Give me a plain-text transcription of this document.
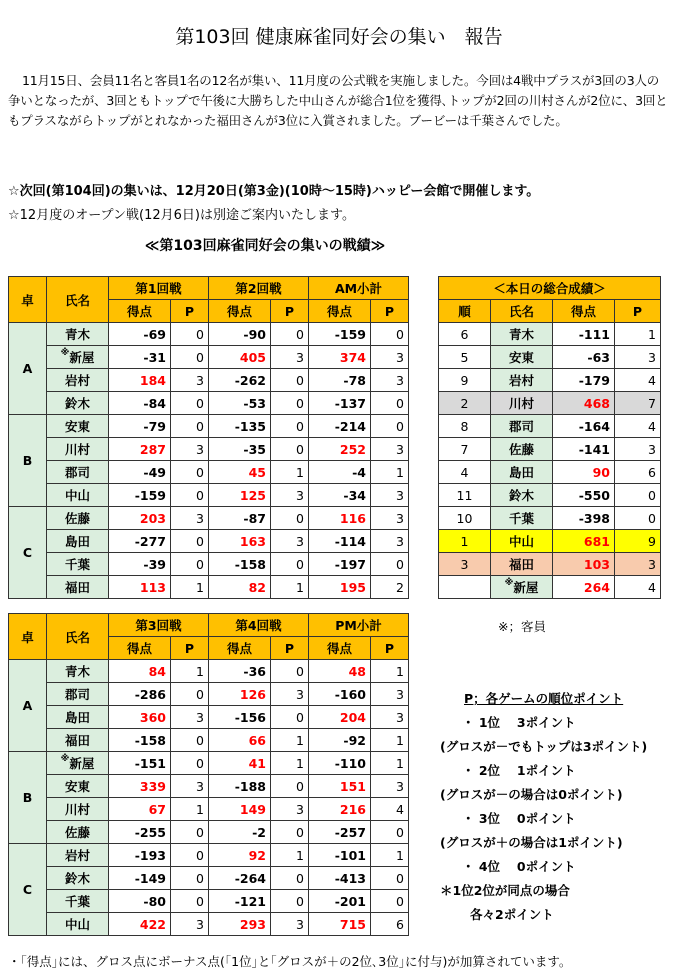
第103回 健康麻雀同好会の集い　報告
11月15日、会員11名と客員1名の12名が集い、11月度の公式戦を実施しました。今回は4戦中プラスが3回の3人の 争いとなったが、3回ともトップで午後に大勝ちした中山さんが総合1位を獲得､トップが2回の川村さんが2位に、3回ともプラスながらトップがとれなかった福田さんが3位に入賞されました。ブービーは千葉さんでした。
☆次回(第104回)の集いは、12月20日(第3金)(10時～15時)ハッピー会館で開催します。
☆12月度のオープン戦(12月6日)は別途ご案内いたします。
≪第103回麻雀同好会の集いの戦績≫
卓	氏名	第1回戦		第2回戦		AM小計	
		得点	P	得点	P	得点	P
A	青木	-69	0	-90	0	-159	0
	※新屋	-31	0	405	3	374	3
	岩村	184	3	-262	0	-78	3
	鈴木	-84	0	-53	0	-137	0
B	安東	-79	0	-135	0	-214	0
	川村	287	3	-35	0	252	3
	郡司	-49	0	45	1	-4	1
	中山	-159	0	125	3	-34	3
C	佐藤	203	3	-87	0	116	3
	島田	-277	0	163	3	-114	3
	千葉	-39	0	-158	0	-197	0
	福田	113	1	82	1	195	2
卓	氏名	第3回戦		第4回戦		PM小計	
		得点	P	得点	P	得点	P
A	青木	84	1	-36	0	48	1
	郡司	-286	0	126	3	-160	3
	島田	360	3	-156	0	204	3
	福田	-158	0	66	1	-92	1
B	※新屋	-151	0	41	1	-110	1
	安東	339	3	-188	0	151	3
	川村	67	1	149	3	216	4
	佐藤	-255	0	-2	0	-257	0
C	岩村	-193	0	92	1	-101	1
	鈴木	-149	0	-264	0	-413	0
	千葉	-80	0	-121	0	-201	0
	中山	422	3	293	3	715	6
＜本日の総合成績＞			
順	氏名	得点	P
6	青木	-111	1
5	安東	-63	3
9	岩村	-179	4
2	川村	468	7
8	郡司	-164	4
7	佐藤	-141	3
4	島田	90	6
11	鈴木	-550	0
10	千葉	-398	0
1	中山	681	9
3	福田	103	3
	※新屋	264	4
※；客員
P；各ゲームの順位ポイント
・ 1位　 3ポイント
(グロスが－でもトップは3ポイント)
・ 2位　 1ポイント
(グロスが－の場合は0ポイント)
・ 3位　 0ポイント
(グロスが＋の場合は1ポイント)
・ 4位　 0ポイント
＊1位2位が同点の場合
各々2ポイント
・｢得点｣には、グロス点にボーナス点(｢1位｣と｢グロスが＋の2位､3位｣に付与)が加算されています。
